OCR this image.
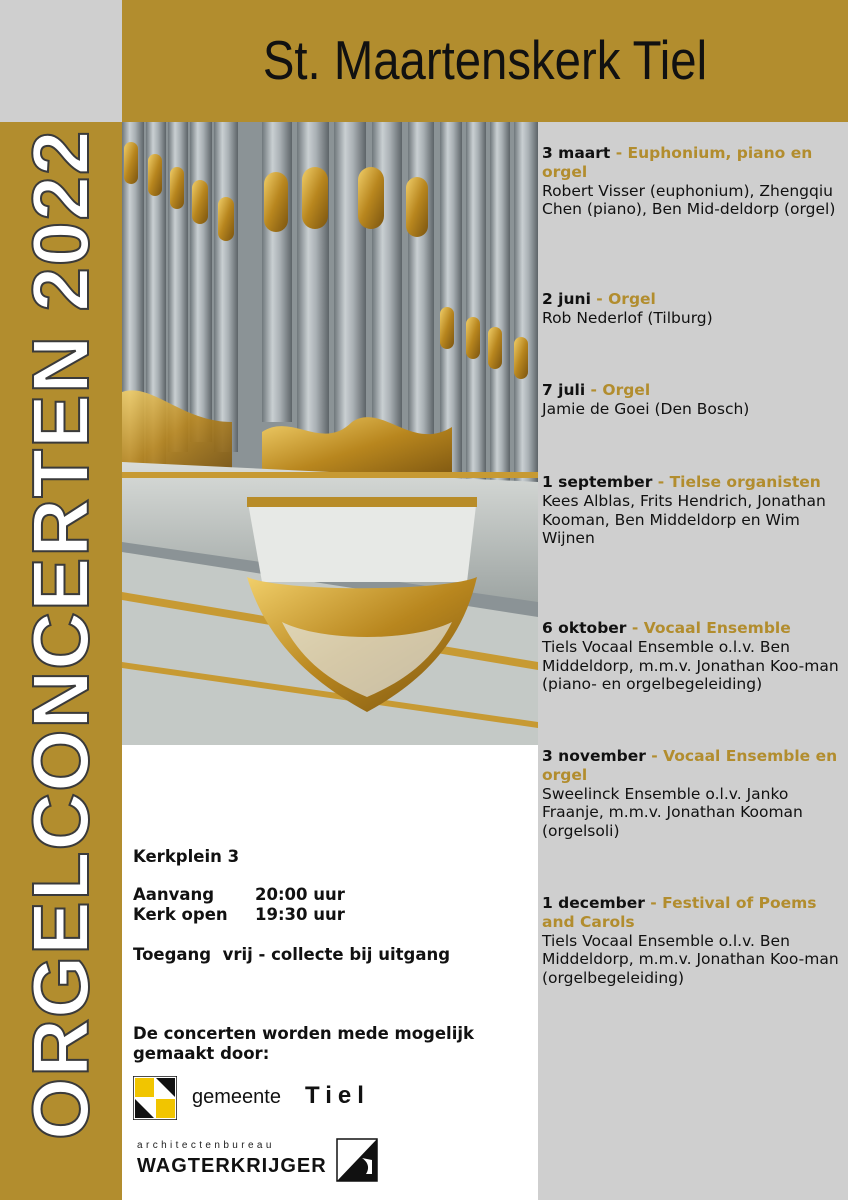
St. Maartenskerk Tiel
ORGELCONCERTEN 2022	3 maart - Euphonium, piano en orgel
Robert Visser (euphonium), Zhengqiu Chen (piano), Ben Mid-deldorp (orgel)
2 juni - Orgel
Rob Nederlof (Tilburg)
7 juli - Orgel
Jamie de Goei (Den Bosch)
1 september - Tielse organisten
Kees Alblas, Frits Hendrich, Jonathan Kooman, Ben Middeldorp en Wim Wijnen
6 oktober - Vocaal Ensemble
Tiels Vocaal Ensemble o.l.v. Ben Middeldorp, m.m.v. Jonathan Koo-man (piano- en orgelbegeleiding)
3 november - Vocaal Ensemble en orgel
Sweelinck Ensemble o.l.v. Janko Fraanje, m.m.v. Jonathan Kooman (orgelsoli)
1 december - Festival of Poems and Carols
Tiels Vocaal Ensemble o.l.v. Ben Middeldorp, m.m.v. Jonathan Koo-man (orgelbegeleiding)
Kerkplein 3
Aanvang	20:00 uur
Kerk open	19:30 uur
Toegang  vrij - collecte bij uitgang
De concerten worden mede mogelijk gemaakt door:
gemeente Tiel
architectenbureau
WAGTERKRIJGER
